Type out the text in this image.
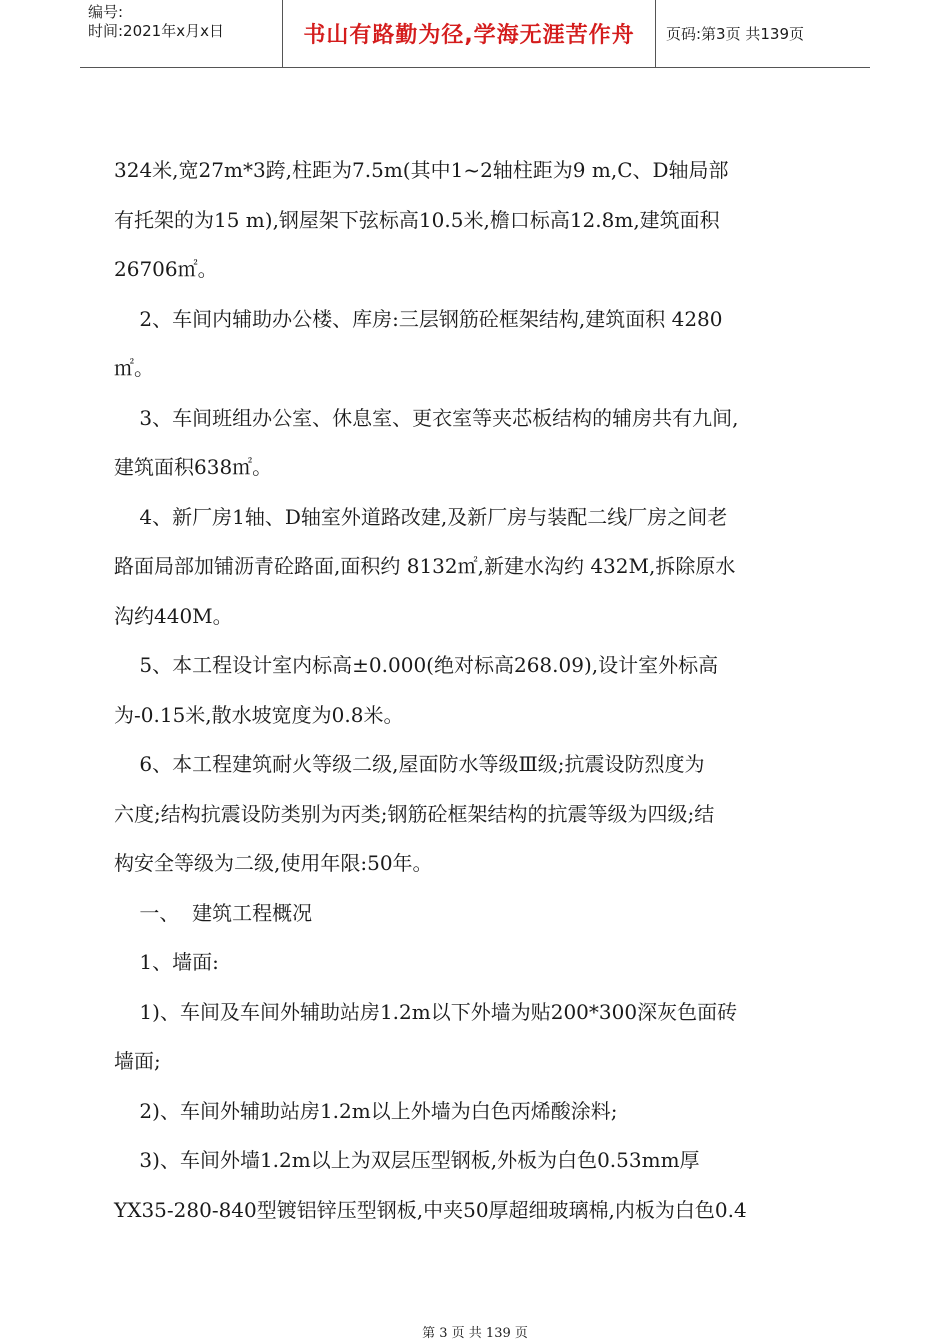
编号:
时间:2021年x月x日	书山有路勤为径,学海无涯苦作舟 页码:第3页 共139页

324米,宽27m*3跨,柱距为7.5m(其中1~2轴柱距为9 m,C、D轴局部

有托架的为15 m),钢屋架下弦标高10.5米,檐口标高12.8m,建筑面积

26706㎡。

2、车间内辅助办公楼、库房:三层钢筋砼框架结构,建筑面积 4280

㎡。

3、车间班组办公室、休息室、更衣室等夹芯板结构的辅房共有九间,

建筑面积638㎡。

4、新厂房1轴、D轴室外道路改建,及新厂房与装配二线厂房之间老

路面局部加铺沥青砼路面,面积约 8132㎡,新建水沟约 432M,拆除原水

沟约440M。

5、本工程设计室内标高±0.000(绝对标高268.09),设计室外标高

为-0.15米,散水坡宽度为0.8米。

6、本工程建筑耐火等级二级,屋面防水等级Ⅲ级;抗震设防烈度为

六度;结构抗震设防类别为丙类;钢筋砼框架结构的抗震等级为四级;结

构安全等级为二级,使用年限:50年。

一、  建筑工程概况

1、墙面:

1)、车间及车间外辅助站房1.2m以下外墙为贴200*300深灰色面砖

墙面;

2)、车间外辅助站房1.2m以上外墙为白色丙烯酸涂料;

3)、车间外墙1.2m以上为双层压型钢板,外板为白色0.53mm厚

YX35-280-840型镀铝锌压型钢板,中夹50厚超细玻璃棉,内板为白色0.4

第 3 页 共 139 页
